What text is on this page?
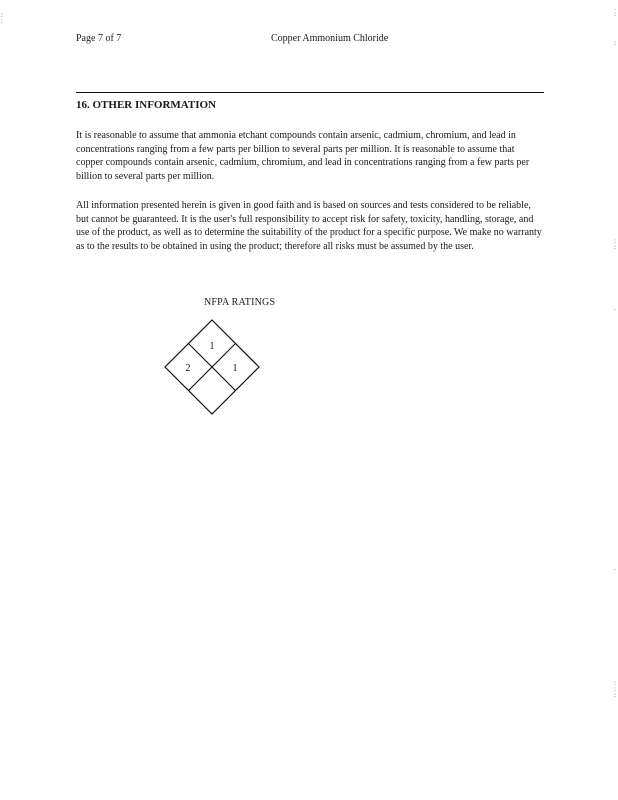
:
:
Page 7 of 7	Copper Ammonium Chloride
16. OTHER INFORMATION

It is reasonable to assume that ammonia etchant compounds contain arsenic, cadmium, chromium, and lead in concentrations ranging from a few parts per billion to several parts per million. It is reasonable to assume that copper compounds contain arsenic, cadmium, chromium, and lead in concentrations ranging from a few parts per billion to several parts per million.

All information presented herein is given in good faith and is based on sources and tests considered to be reliable, but cannot be guaranteed. It is the user's full responsibility to accept risk for safety, toxicity, handling, storage, and use of the product, as well as to determine the suitability of the product for a specific purpose. We make no warranty as to the results to be obtained in using the product; therefore all risks must be assumed by the user.

NFPA RATINGS
1
2	1
.
:
:
:
:
.
.
:
:
:
